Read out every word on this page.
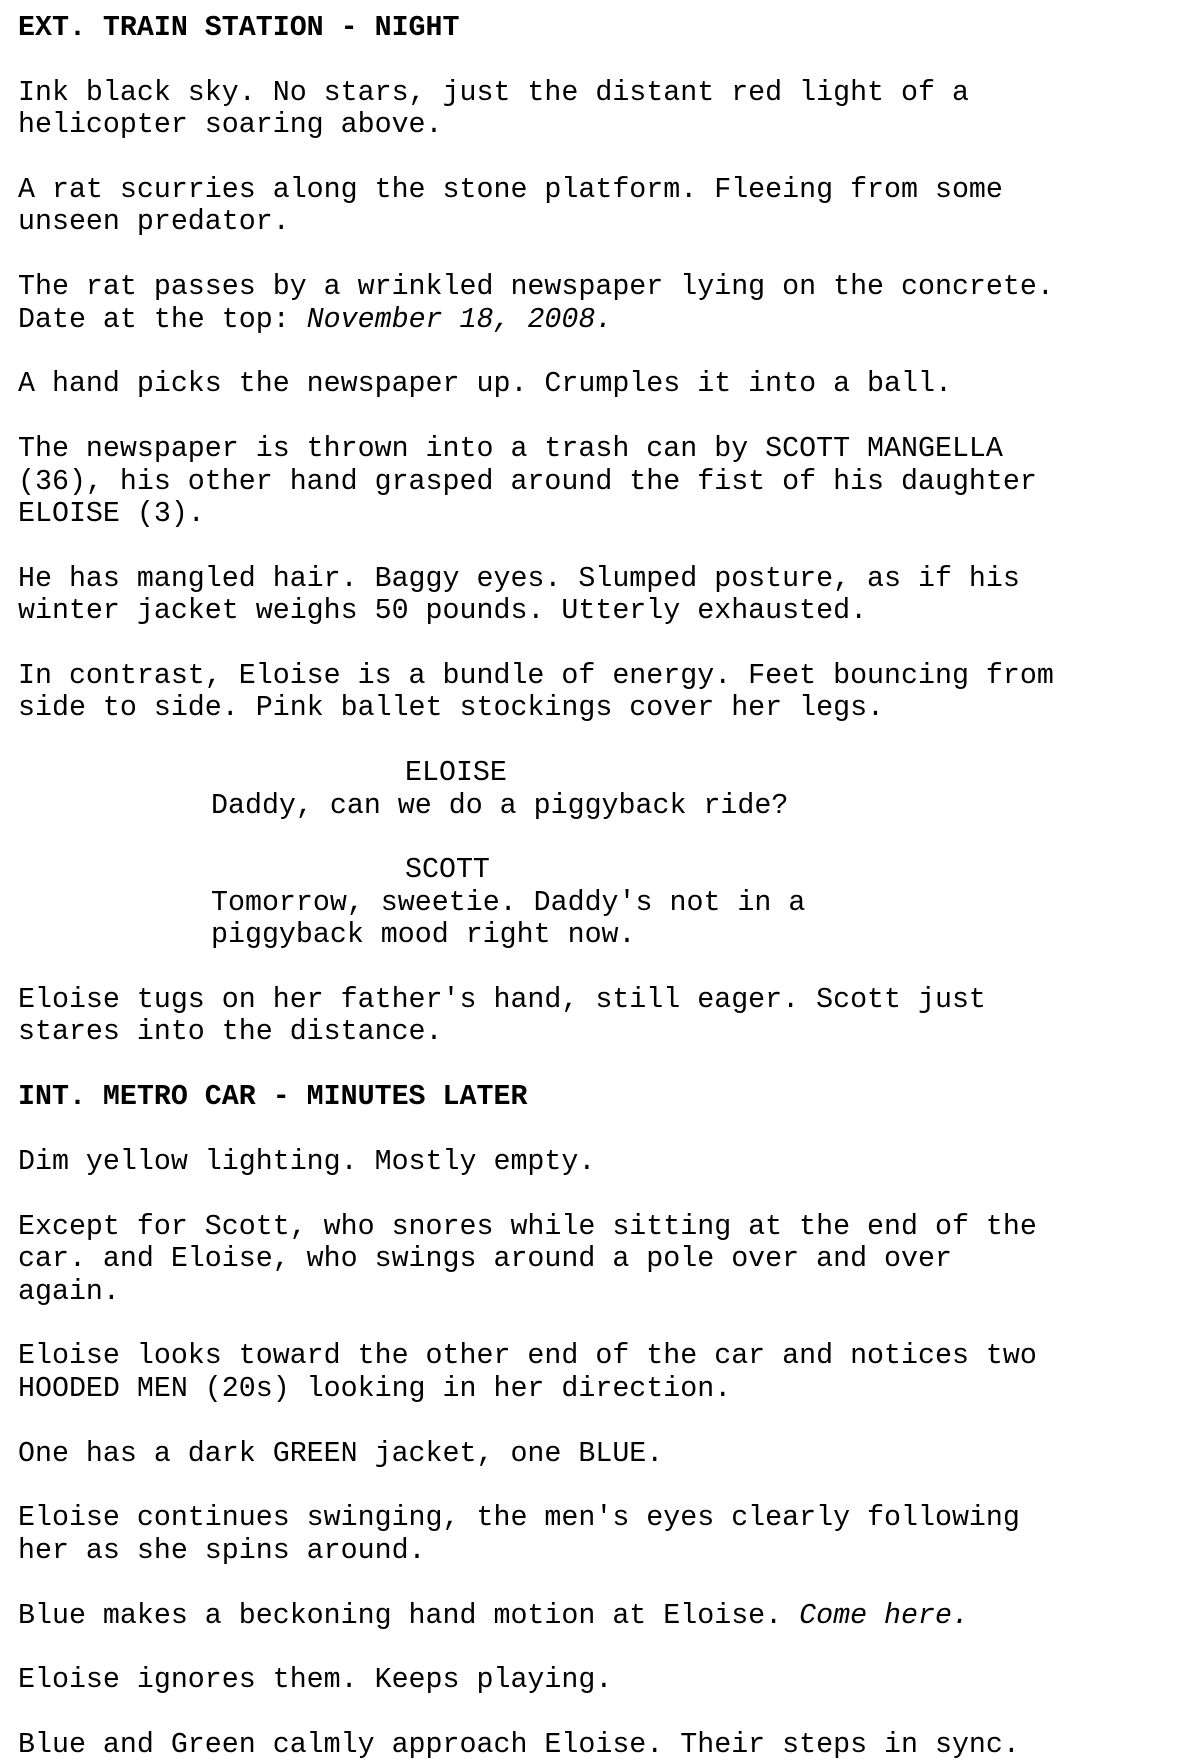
EXT. TRAIN STATION - NIGHT
Ink black sky. No stars, just the distant red light of a
helicopter soaring above.
A rat scurries along the stone platform. Fleeing from some
unseen predator.
The rat passes by a wrinkled newspaper lying on the concrete.
Date at the top: November 18, 2008.
A hand picks the newspaper up. Crumples it into a ball.
The newspaper is thrown into a trash can by SCOTT MANGELLA
(36), his other hand grasped around the fist of his daughter
ELOISE (3).
He has mangled hair. Baggy eyes. Slumped posture, as if his
winter jacket weighs 50 pounds. Utterly exhausted.
In contrast, Eloise is a bundle of energy. Feet bouncing from
side to side. Pink ballet stockings cover her legs.
ELOISE
Daddy, can we do a piggyback ride?
SCOTT
Tomorrow, sweetie. Daddy's not in a
piggyback mood right now.
Eloise tugs on her father's hand, still eager. Scott just
stares into the distance.
INT. METRO CAR - MINUTES LATER
Dim yellow lighting. Mostly empty.
Except for Scott, who snores while sitting at the end of the
car. and Eloise, who swings around a pole over and over
again.
Eloise looks toward the other end of the car and notices two
HOODED MEN (20s) looking in her direction.
One has a dark GREEN jacket, one BLUE.
Eloise continues swinging, the men's eyes clearly following
her as she spins around.
Blue makes a beckoning hand motion at Eloise. Come here.
Eloise ignores them. Keeps playing.
Blue and Green calmly approach Eloise. Their steps in sync.
